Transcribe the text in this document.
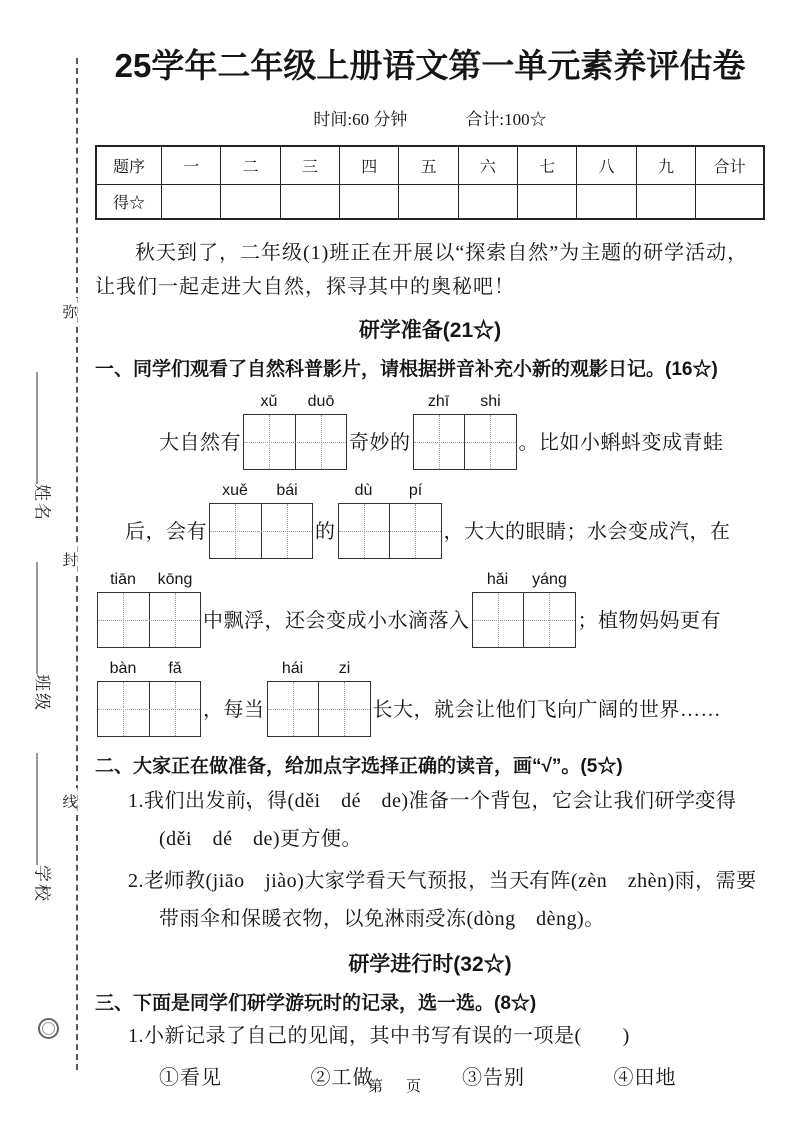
弥
封
线
姓名
班级
学校
25学年二年级上册语文第一单元素养评估卷
时间:60 分钟	合计:100☆
题序	一	二	三	四	五	六	七	八	九	合计
得☆										

秋天到了，二年级(1)班正在开展以“探索自然”为主题的研学活动，让我们一起走进大自然，探寻其中的奥秘吧！

研学准备(21☆)
一、同学们观看了自然科普影片，请根据拼音补充小新的观影日记。(16☆)
大自然有
xǔ	duō
奇妙的
zhī	shi
。比如小蝌蚪变成青蛙
后，会有
xuě	bái
的
dù	pí
，大大的眼睛；水会变成汽，在
tiān	kōng
中飘浮，还会变成小水滴落入
hǎi	yáng
；植物妈妈更有
bàn	fǎ
，每当
hái	zi
长大，就会让他们飞向广阔的世界……
二、大家正在做准备，给加点字选择正确的读音，画“√”。(5☆)

1.我们出发前，得 •(děi　dé　de)准备一个背包，它会让我们研学变得 •(děi　dé　de)更方便。

2.老师教 •(jiāo　jiào)大家学看天气预报，当天有阵 •(zèn　zhèn)雨，需要带雨伞和保暖衣物，以免淋雨受冻 •(dòng　dèng)。

研学进行时(32☆)
三、下面是同学们研学游玩时的记录，选一选。(8☆)

1.小新记录了自己的见闻，其中书写有误的一项是(　　)

①看见	②工做	③告别	④田地
第　页
